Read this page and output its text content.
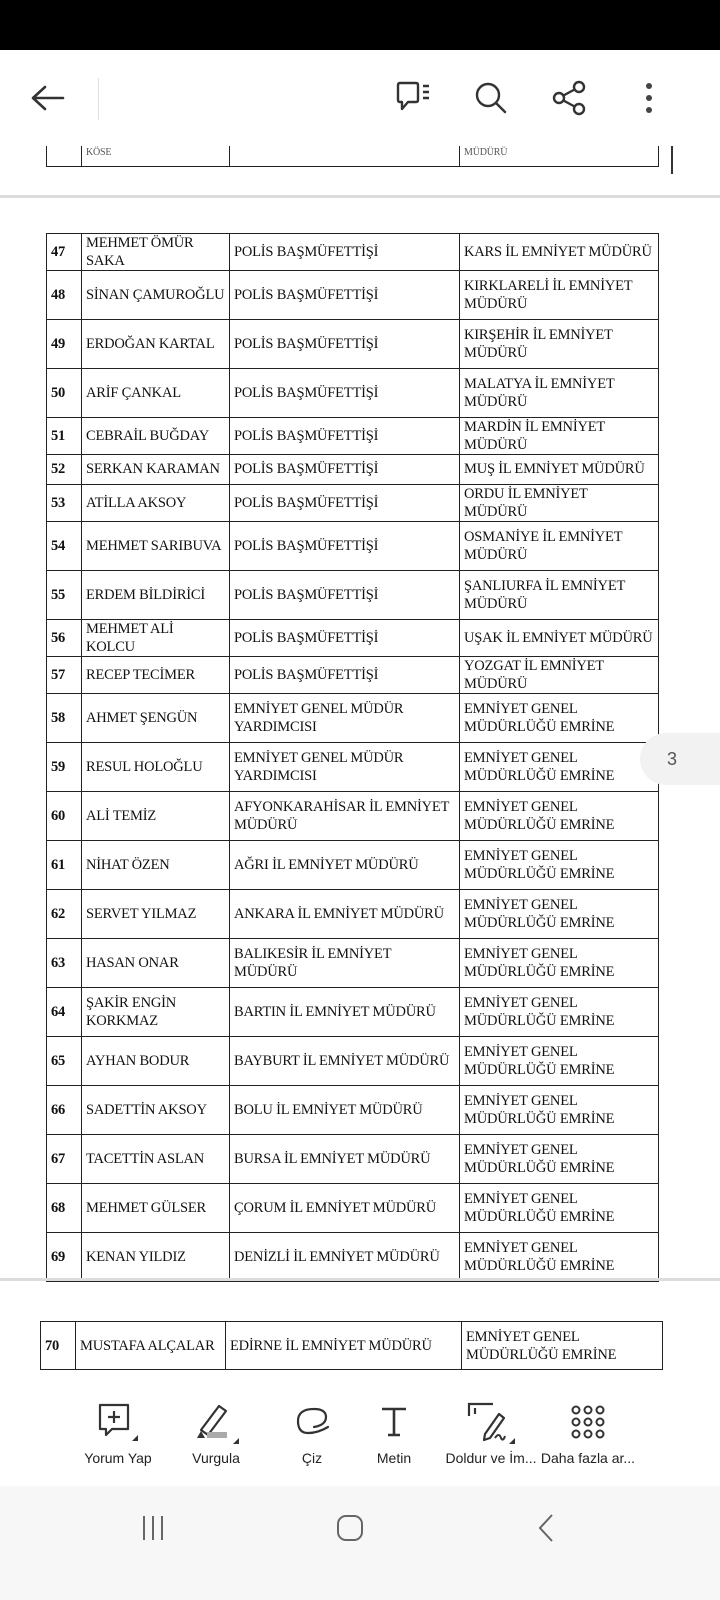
	KÖSE		MÜDÜRÜ
47	MEHMET ÖMÜR SAKA	POLİS BAŞMÜFETTİŞİ	KARS İL EMNİYET MÜDÜRÜ
48	SİNAN ÇAMUROĞLU	POLİS BAŞMÜFETTİŞİ	KIRKLARELİ İL EMNİYET
MÜDÜRÜ
49	ERDOĞAN KARTAL	POLİS BAŞMÜFETTİŞİ	KIRŞEHİR İL EMNİYET
MÜDÜRÜ
50	ARİF ÇANKAL	POLİS BAŞMÜFETTİŞİ	MALATYA İL EMNİYET
MÜDÜRÜ
51	CEBRAİL BUĞDAY	POLİS BAŞMÜFETTİŞİ	MARDİN İL EMNİYET MÜDÜRÜ
52	SERKAN KARAMAN	POLİS BAŞMÜFETTİŞİ	MUŞ İL EMNİYET MÜDÜRÜ
53	ATİLLA AKSOY	POLİS BAŞMÜFETTİŞİ	ORDU İL EMNİYET MÜDÜRÜ
54	MEHMET SARIBUVA	POLİS BAŞMÜFETTİŞİ	OSMANİYE İL EMNİYET
MÜDÜRÜ
55	ERDEM BİLDİRİCİ	POLİS BAŞMÜFETTİŞİ	ŞANLIURFA İL EMNİYET
MÜDÜRÜ
56	MEHMET ALİ KOLCU	POLİS BAŞMÜFETTİŞİ	UŞAK İL EMNİYET MÜDÜRÜ
57	RECEP TECİMER	POLİS BAŞMÜFETTİŞİ	YOZGAT İL EMNİYET MÜDÜRÜ
58	AHMET ŞENGÜN	EMNİYET GENEL MÜDÜR
YARDIMCISI	EMNİYET GENEL
MÜDÜRLÜĞÜ EMRİNE
59	RESUL HOLOĞLU	EMNİYET GENEL MÜDÜR
YARDIMCISI	EMNİYET GENEL
MÜDÜRLÜĞÜ EMRİNE
60	ALİ TEMİZ	AFYONKARAHİSAR İL EMNİYET
MÜDÜRÜ	EMNİYET GENEL
MÜDÜRLÜĞÜ EMRİNE
61	NİHAT ÖZEN	AĞRI İL EMNİYET MÜDÜRÜ	EMNİYET GENEL
MÜDÜRLÜĞÜ EMRİNE
62	SERVET YILMAZ	ANKARA İL EMNİYET MÜDÜRÜ	EMNİYET GENEL
MÜDÜRLÜĞÜ EMRİNE
63	HASAN ONAR	BALIKESİR İL EMNİYET MÜDÜRÜ	EMNİYET GENEL
MÜDÜRLÜĞÜ EMRİNE
64	ŞAKİR ENGİN
KORKMAZ	BARTIN İL EMNİYET MÜDÜRÜ	EMNİYET GENEL
MÜDÜRLÜĞÜ EMRİNE
65	AYHAN BODUR	BAYBURT İL EMNİYET MÜDÜRÜ	EMNİYET GENEL
MÜDÜRLÜĞÜ EMRİNE
66	SADETTİN AKSOY	BOLU İL EMNİYET MÜDÜRÜ	EMNİYET GENEL
MÜDÜRLÜĞÜ EMRİNE
67	TACETTİN ASLAN	BURSA İL EMNİYET MÜDÜRÜ	EMNİYET GENEL
MÜDÜRLÜĞÜ EMRİNE
68	MEHMET GÜLSER	ÇORUM İL EMNİYET MÜDÜRÜ	EMNİYET GENEL
MÜDÜRLÜĞÜ EMRİNE
69	KENAN YILDIZ	DENİZLİ İL EMNİYET MÜDÜRÜ	EMNİYET GENEL
MÜDÜRLÜĞÜ EMRİNE
70	MUSTAFA ALÇALAR	EDİRNE İL EMNİYET MÜDÜRÜ	EMNİYET GENEL
MÜDÜRLÜĞÜ EMRİNE
3
Yorum Yap	Vurgula	Çiz	Metin	Doldur ve İm... Daha fazla ar...
